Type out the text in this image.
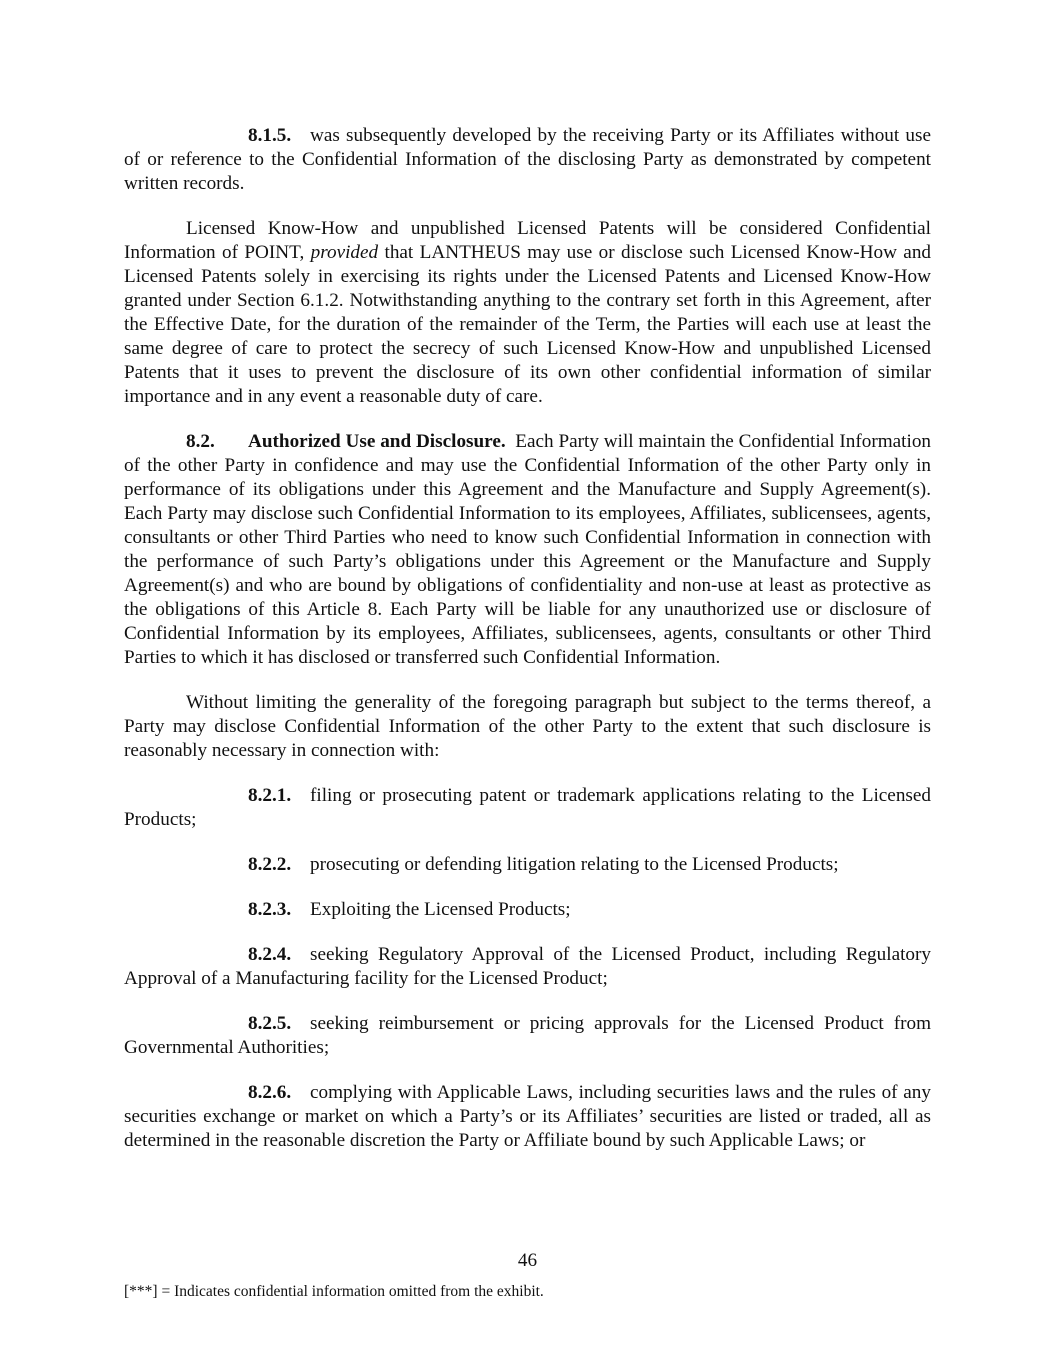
8.1.5. was subsequently developed by the receiving Party or its Affiliates without use of or reference to the Confidential Information of the disclosing Party as demonstrated by competent written records.

Licensed Know-How and unpublished Licensed Patents will be considered Confidential Information of POINT, provided that LANTHEUS may use or disclose such Licensed Know-How and Licensed Patents solely in exercising its rights under the Licensed Patents and Licensed Know-How granted under Section 6.1.2. Notwithstanding anything to the contrary set forth in this Agreement, after the Effective Date, for the duration of the remainder of the Term, the Parties will each use at least the same degree of care to protect the secrecy of such Licensed Know-How and unpublished Licensed Patents that it uses to prevent the disclosure of its own other confidential information of similar importance and in any event a reasonable duty of care.

8.2. Authorized Use and Disclosure. Each Party will maintain the Confidential Information of the other Party in confidence and may use the Confidential Information of the other Party only in performance of its obligations under this Agreement and the Manufacture and Supply Agreement(s). Each Party may disclose such Confidential Information to its employees, Affiliates, sublicensees, agents, consultants or other Third Parties who need to know such Confidential Information in connection with the performance of such Party’s obligations under this Agreement or the Manufacture and Supply Agreement(s) and who are bound by obligations of confidentiality and non-use at least as protective as the obligations of this Article 8. Each Party will be liable for any unauthorized use or disclosure of Confidential Information by its employees, Affiliates, sublicensees, agents, consultants or other Third Parties to which it has disclosed or transferred such Confidential Information.

Without limiting the generality of the foregoing paragraph but subject to the terms thereof, a Party may disclose Confidential Information of the other Party to the extent that such disclosure is reasonably necessary in connection with:

8.2.1. filing or prosecuting patent or trademark applications relating to the Licensed Products;

8.2.2. prosecuting or defending litigation relating to the Licensed Products;

8.2.3. Exploiting the Licensed Products;

8.2.4. seeking Regulatory Approval of the Licensed Product, including Regulatory Approval of a Manufacturing facility for the Licensed Product;

8.2.5. seeking reimbursement or pricing approvals for the Licensed Product from Governmental Authorities;

8.2.6. complying with Applicable Laws, including securities laws and the rules of any securities exchange or market on which a Party’s or its Affiliates’ securities are listed or traded, all as determined in the reasonable discretion the Party or Affiliate bound by such Applicable Laws; or

46
[***] = Indicates confidential information omitted from the exhibit.
